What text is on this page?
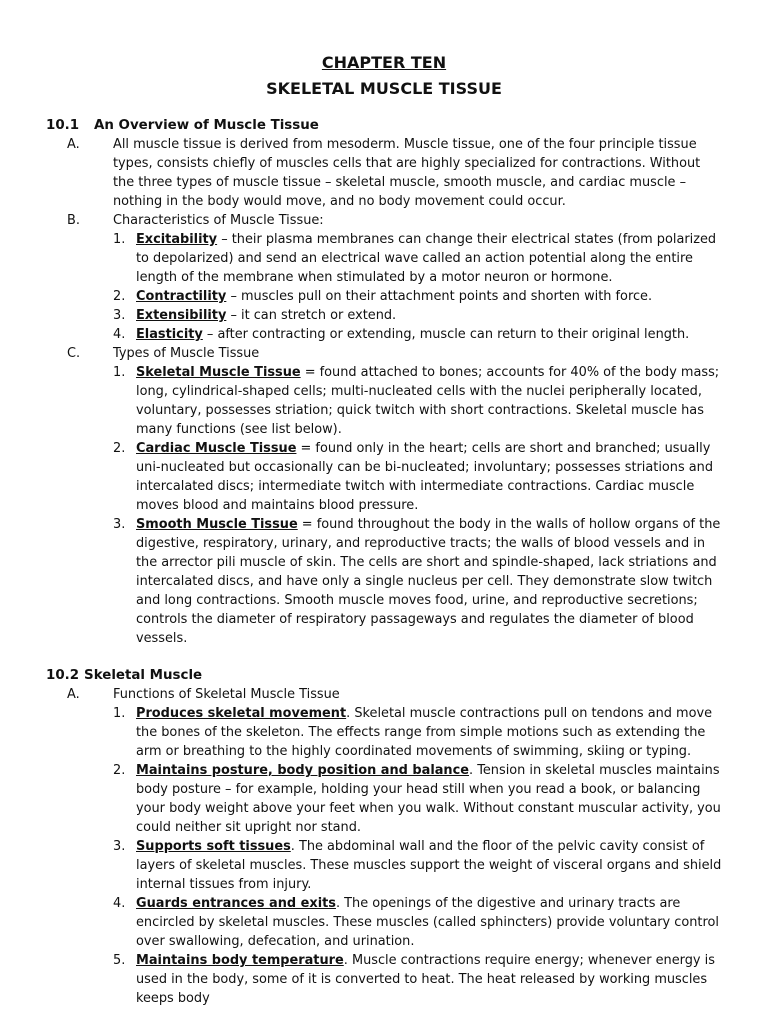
CHAPTER TEN
SKELETAL MUSCLE TISSUE
10.1 An Overview of Muscle Tissue
A.	All muscle tissue is derived from mesoderm. Muscle tissue, one of the four principle tissue types, consists chiefly of muscles cells that are highly specialized for contractions. Without the three types of muscle tissue – skeletal muscle, smooth muscle, and cardiac muscle – nothing in the body would move, and no body movement could occur.
B.	Characteristics of Muscle Tissue:
1. Excitability – their plasma membranes can change their electrical states (from polarized to depolarized) and send an electrical wave called an action potential along the entire length of the membrane when stimulated by a motor neuron or hormone.
2. Contractility – muscles pull on their attachment points and shorten with force.
3. Extensibility – it can stretch or extend.
4. Elasticity – after contracting or extending, muscle can return to their original length.
C.	Types of Muscle Tissue
1. Skeletal Muscle Tissue = found attached to bones; accounts for 40% of the body mass; long, cylindrical-shaped cells; multi-nucleated cells with the nuclei peripherally located, voluntary, possesses striation; quick twitch with short contractions. Skeletal muscle has many functions (see list below).
2. Cardiac Muscle Tissue = found only in the heart; cells are short and branched; usually uni-nucleated but occasionally can be bi-nucleated; involuntary; possesses striations and intercalated discs; intermediate twitch with intermediate contractions. Cardiac muscle moves blood and maintains blood pressure.
3. Smooth Muscle Tissue = found throughout the body in the walls of hollow organs of the digestive, respiratory, urinary, and reproductive tracts; the walls of blood vessels and in the arrector pili muscle of skin. The cells are short and spindle-shaped, lack striations and intercalated discs, and have only a single nucleus per cell. They demonstrate slow twitch and long contractions. Smooth muscle moves food, urine, and reproductive secretions; controls the diameter of respiratory passageways and regulates the diameter of blood vessels.
10.2 Skeletal Muscle
A.	Functions of Skeletal Muscle Tissue
1. Produces skeletal movement. Skeletal muscle contractions pull on tendons and move the bones of the skeleton. The effects range from simple motions such as extending the arm or breathing to the highly coordinated movements of swimming, skiing or typing.
2. Maintains posture, body position and balance. Tension in skeletal muscles maintains body posture – for example, holding your head still when you read a book, or balancing your body weight above your feet when you walk. Without constant muscular activity, you could neither sit upright nor stand.
3. Supports soft tissues. The abdominal wall and the floor of the pelvic cavity consist of layers of skeletal muscles. These muscles support the weight of visceral organs and shield internal tissues from injury.
4. Guards entrances and exits. The openings of the digestive and urinary tracts are encircled by skeletal muscles. These muscles (called sphincters) provide voluntary control over swallowing, defecation, and urination.
5. Maintains body temperature. Muscle contractions require energy; whenever energy is used in the body, some of it is converted to heat. The heat released by working muscles keeps body
